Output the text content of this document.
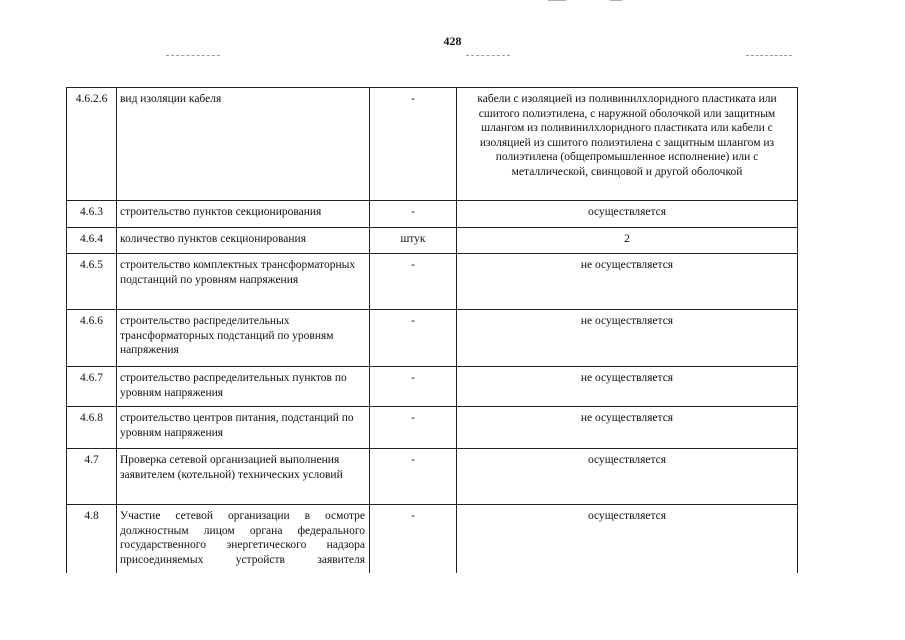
428
4.6.2.6	вид изоляции кабеля	-	кабели с изоляцией из поливинилхлоридного пластиката или сшитого полиэтилена, с наружной оболочкой или защитным шлангом из поливинилхлоридного пластиката или кабели с изоляцией из сшитого полиэтилена с защитным шлангом из полиэтилена (общепромышленное исполнение) или с металлической, свинцовой и другой оболочкой
4.6.3	строительство пунктов секционирования	-	осуществляется
4.6.4	количество пунктов секционирования	штук	2
4.6.5	строительство комплектных трансформаторных подстанций по уровням напряжения	-	не осуществляется
4.6.6	строительство распределительных трансформаторных подстанций по уровням напряжения	-	не осуществляется
4.6.7	строительство распределительных пунктов по уровням напряжения	-	не осуществляется
4.6.8	строительство центров питания, подстанций по уровням напряжения	-	не осуществляется
4.7	Проверка сетевой организацией выполнения заявителем (котельной) технических условий	-	осуществляется
4.8	Участие сетевой организации в осмотре должностным лицом органа федерального государственного энергетического надзора присоединяемых устройств заявителя	-	осуществляется
